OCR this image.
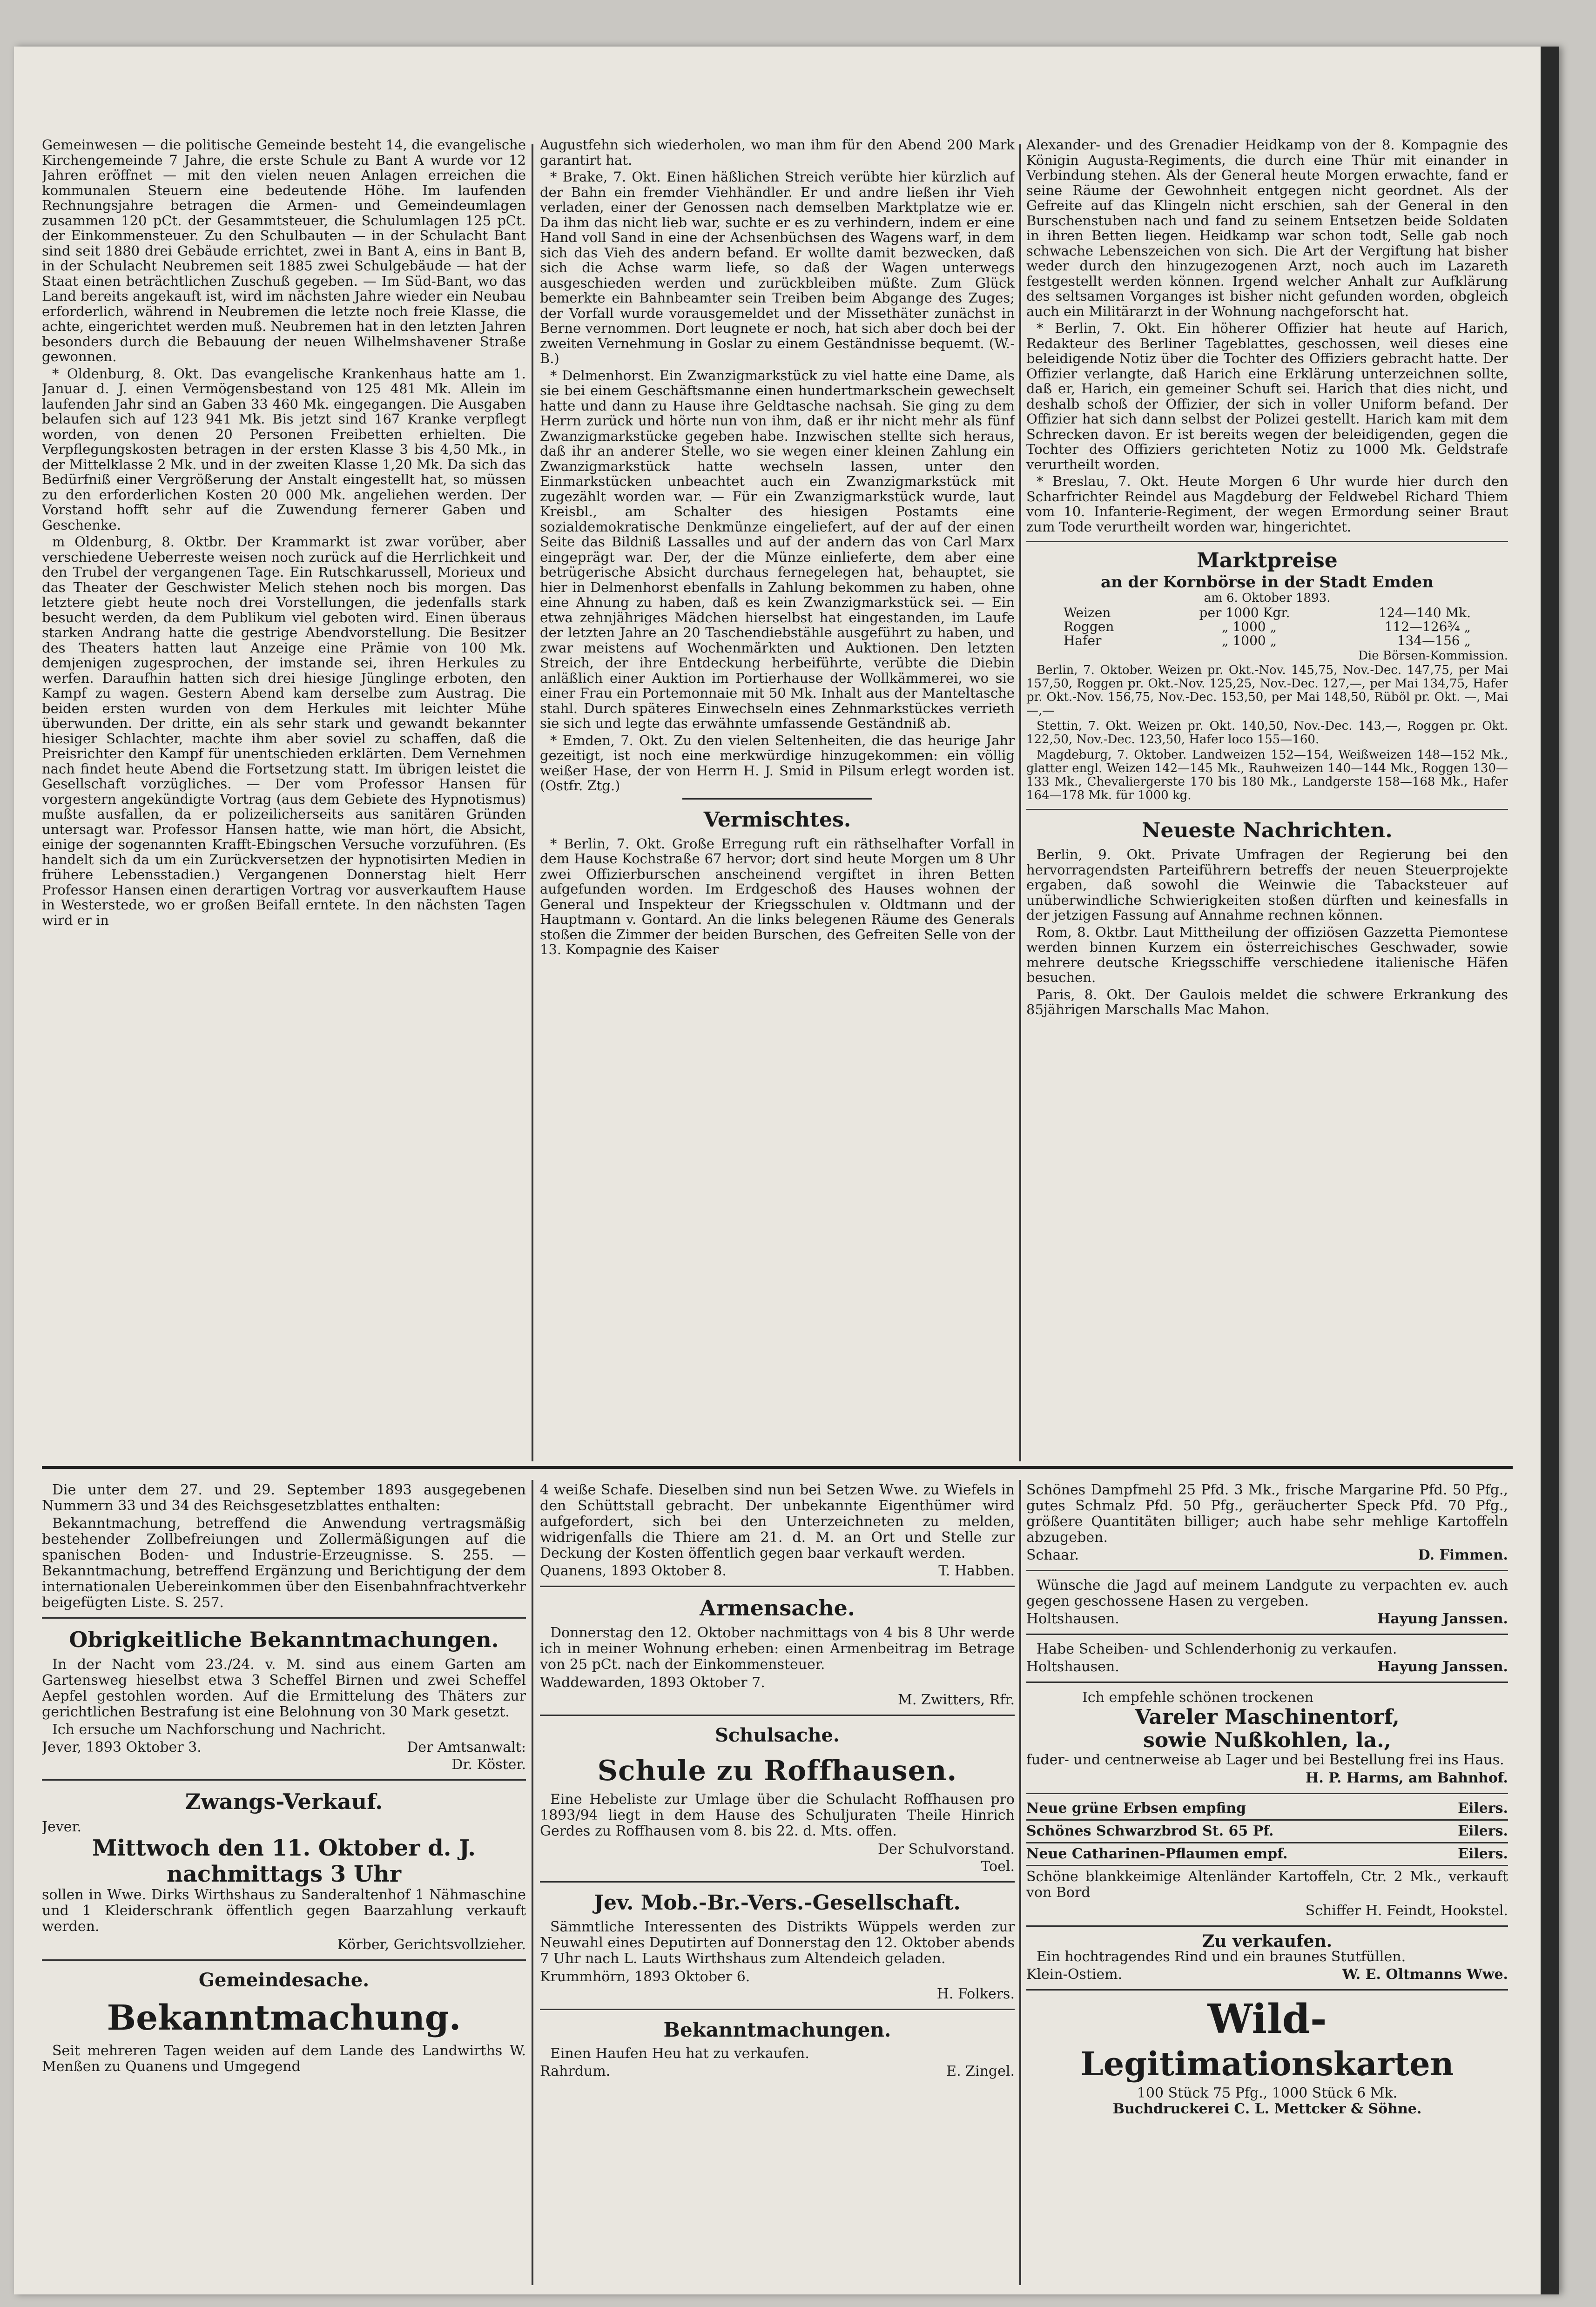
Gemeinwesen — die politische Gemeinde besteht 14, die evangelische Kirchengemeinde 7 Jahre, die erste Schule zu Bant A wurde vor 12 Jahren eröffnet — mit den vielen neuen Anlagen erreichen die kommunalen Steuern eine bedeutende Höhe. Im laufenden Rechnungsjahre betragen die Armen- und Gemeindeumlagen zusammen 120 pCt. der Gesammtsteuer, die Schulumlagen 125 pCt. der Einkommensteuer. Zu den Schulbauten — in der Schulacht Bant sind seit 1880 drei Gebäude errichtet, zwei in Bant A, eins in Bant B, in der Schulacht Neubremen seit 1885 zwei Schulgebäude — hat der Staat einen beträchtlichen Zuschuß gegeben. — Im Süd-Bant, wo das Land bereits angekauft ist, wird im nächsten Jahre wieder ein Neubau erforderlich, während in Neubremen die letzte noch freie Klasse, die achte, eingerichtet werden muß. Neubremen hat in den letzten Jahren besonders durch die Bebauung der neuen Wilhelmshavener Straße gewonnen.

* Oldenburg, 8. Okt. Das evangelische Krankenhaus hatte am 1. Januar d. J. einen Vermögensbestand von 125 481 Mk. Allein im laufenden Jahr sind an Gaben 33 460 Mk. eingegangen. Die Ausgaben belaufen sich auf 123 941 Mk. Bis jetzt sind 167 Kranke verpflegt worden, von denen 20 Personen Freibetten erhielten. Die Verpflegungskosten betragen in der ersten Klasse 3 bis 4,50 Mk., in der Mittelklasse 2 Mk. und in der zweiten Klasse 1,20 Mk. Da sich das Bedürfniß einer Vergrößerung der Anstalt eingestellt hat, so müssen zu den erforderlichen Kosten 20 000 Mk. angeliehen werden. Der Vorstand hofft sehr auf die Zuwendung fernerer Gaben und Geschenke.

m Oldenburg, 8. Oktbr. Der Krammarkt ist zwar vorüber, aber verschiedene Ueberreste weisen noch zurück auf die Herrlichkeit und den Trubel der vergangenen Tage. Ein Rutschkarussell, Morieux und das Theater der Geschwister Melich stehen noch bis morgen. Das letztere giebt heute noch drei Vorstellungen, die jedenfalls stark besucht werden, da dem Publikum viel geboten wird. Einen überaus starken Andrang hatte die gestrige Abendvorstellung. Die Besitzer des Theaters hatten laut Anzeige eine Prämie von 100 Mk. demjenigen zugesprochen, der imstande sei, ihren Herkules zu werfen. Daraufhin hatten sich drei hiesige Jünglinge erboten, den Kampf zu wagen. Gestern Abend kam derselbe zum Austrag. Die beiden ersten wurden von dem Herkules mit leichter Mühe überwunden. Der dritte, ein als sehr stark und gewandt bekannter hiesiger Schlachter, machte ihm aber soviel zu schaffen, daß die Preisrichter den Kampf für unentschieden erklärten. Dem Vernehmen nach findet heute Abend die Fortsetzung statt. Im übrigen leistet die Gesellschaft vorzügliches. — Der vom Professor Hansen für vorgestern angekündigte Vortrag (aus dem Gebiete des Hypnotismus) mußte ausfallen, da er polizeilicherseits aus sanitären Gründen untersagt war. Professor Hansen hatte, wie man hört, die Absicht, einige der sogenannten Krafft-Ebingschen Versuche vorzuführen. (Es handelt sich da um ein Zurückversetzen der hypnotisirten Medien in frühere Lebensstadien.) Vergangenen Donnerstag hielt Herr Professor Hansen einen derartigen Vortrag vor ausverkauftem Hause in Westerstede, wo er großen Beifall erntete. In den nächsten Tagen wird er in

Augustfehn sich wiederholen, wo man ihm für den Abend 200 Mark garantirt hat.

* Brake, 7. Okt. Einen häßlichen Streich verübte hier kürzlich auf der Bahn ein fremder Viehhändler. Er und andre ließen ihr Vieh verladen, einer der Genossen nach demselben Marktplatze wie er. Da ihm das nicht lieb war, suchte er es zu verhindern, indem er eine Hand voll Sand in eine der Achsenbüchsen des Wagens warf, in dem sich das Vieh des andern befand. Er wollte damit bezwecken, daß sich die Achse warm liefe, so daß der Wagen unterwegs ausgeschieden werden und zurückbleiben müßte. Zum Glück bemerkte ein Bahnbeamter sein Treiben beim Abgange des Zuges; der Vorfall wurde vorausgemeldet und der Missethäter zunächst in Berne vernommen. Dort leugnete er noch, hat sich aber doch bei der zweiten Vernehmung in Goslar zu einem Geständnisse bequemt. (W.-B.)

* Delmenhorst. Ein Zwanzigmarkstück zu viel hatte eine Dame, als sie bei einem Geschäftsmanne einen hundertmarkschein gewechselt hatte und dann zu Hause ihre Geldtasche nachsah. Sie ging zu dem Herrn zurück und hörte nun von ihm, daß er ihr nicht mehr als fünf Zwanzigmarkstücke gegeben habe. Inzwischen stellte sich heraus, daß ihr an anderer Stelle, wo sie wegen einer kleinen Zahlung ein Zwanzigmarkstück hatte wechseln lassen, unter den Einmarkstücken unbeachtet auch ein Zwanzigmarkstück mit zugezählt worden war. — Für ein Zwanzigmarkstück wurde, laut Kreisbl., am Schalter des hiesigen Postamts eine sozialdemokratische Denkmünze eingeliefert, auf der auf der einen Seite das Bildniß Lassalles und auf der andern das von Carl Marx eingeprägt war. Der, der die Münze einlieferte, dem aber eine betrügerische Absicht durchaus fernegelegen hat, behauptet, sie hier in Delmenhorst ebenfalls in Zahlung bekommen zu haben, ohne eine Ahnung zu haben, daß es kein Zwanzigmarkstück sei. — Ein etwa zehnjähriges Mädchen hierselbst hat eingestanden, im Laufe der letzten Jahre an 20 Taschendiebstähle ausgeführt zu haben, und zwar meistens auf Wochenmärkten und Auktionen. Den letzten Streich, der ihre Entdeckung herbeiführte, verübte die Diebin anläßlich einer Auktion im Portierhause der Wollkämmerei, wo sie einer Frau ein Portemonnaie mit 50 Mk. Inhalt aus der Manteltasche stahl. Durch späteres Einwechseln eines Zehnmarkstückes verrieth sie sich und legte das erwähnte umfassende Geständniß ab.

* Emden, 7. Okt. Zu den vielen Seltenheiten, die das heurige Jahr gezeitigt, ist noch eine merkwürdige hinzugekommen: ein völlig weißer Hase, der von Herrn H. J. Smid in Pilsum erlegt worden ist. (Ostfr. Ztg.)

Vermischtes.

* Berlin, 7. Okt. Große Erregung ruft ein räthselhafter Vorfall in dem Hause Kochstraße 67 hervor; dort sind heute Morgen um 8 Uhr zwei Offizierburschen anscheinend vergiftet in ihren Betten aufgefunden worden. Im Erdgeschoß des Hauses wohnen der General und Inspekteur der Kriegsschulen v. Oldtmann und der Hauptmann v. Gontard. An die links belegenen Räume des Generals stoßen die Zimmer der beiden Burschen, des Gefreiten Selle von der 13. Kompagnie des Kaiser

Alexander- und des Grenadier Heidkamp von der 8. Kompagnie des Königin Augusta-Regiments, die durch eine Thür mit einander in Verbindung stehen. Als der General heute Morgen erwachte, fand er seine Räume der Gewohnheit entgegen nicht geordnet. Als der Gefreite auf das Klingeln nicht erschien, sah der General in den Burschenstuben nach und fand zu seinem Entsetzen beide Soldaten in ihren Betten liegen. Heidkamp war schon todt, Selle gab noch schwache Lebenszeichen von sich. Die Art der Vergiftung hat bisher weder durch den hinzugezogenen Arzt, noch auch im Lazareth festgestellt werden können. Irgend welcher Anhalt zur Aufklärung des seltsamen Vorganges ist bisher nicht gefunden worden, obgleich auch ein Militärarzt in der Wohnung nachgeforscht hat.

* Berlin, 7. Okt. Ein höherer Offizier hat heute auf Harich, Redakteur des Berliner Tageblattes, geschossen, weil dieses eine beleidigende Notiz über die Tochter des Offiziers gebracht hatte. Der Offizier verlangte, daß Harich eine Erklärung unterzeichnen sollte, daß er, Harich, ein gemeiner Schuft sei. Harich that dies nicht, und deshalb schoß der Offizier, der sich in voller Uniform befand. Der Offizier hat sich dann selbst der Polizei gestellt. Harich kam mit dem Schrecken davon. Er ist bereits wegen der beleidigenden, gegen die Tochter des Offiziers gerichteten Notiz zu 1000 Mk. Geldstrafe verurtheilt worden.

* Breslau, 7. Okt. Heute Morgen 6 Uhr wurde hier durch den Scharfrichter Reindel aus Magdeburg der Feldwebel Richard Thiem vom 10. Infanterie-Regiment, der wegen Ermordung seiner Braut zum Tode verurtheilt worden war, hingerichtet.

Marktpreise
an der Kornbörse in der Stadt Emden
am 6. Oktober 1893.
Weizen	per 1000 Kgr.	124—140 Mk.
Roggen	„ 1000 „	112—126¾ „
Hafer	„ 1000 „	134—156 „
Die Börsen-Kommission.

Berlin, 7. Oktober. Weizen pr. Okt.-Nov. 145,75, Nov.-Dec. 147,75, per Mai 157,50, Roggen pr. Okt.-Nov. 125,25, Nov.-Dec. 127,—, per Mai 134,75, Hafer pr. Okt.-Nov. 156,75, Nov.-Dec. 153,50, per Mai 148,50, Rüböl pr. Okt. —, Mai —,—

Stettin, 7. Okt. Weizen pr. Okt. 140,50, Nov.-Dec. 143,—, Roggen pr. Okt. 122,50, Nov.-Dec. 123,50, Hafer loco 155—160.

Magdeburg, 7. Oktober. Landweizen 152—154, Weißweizen 148—152 Mk., glatter engl. Weizen 142—145 Mk., Rauhweizen 140—144 Mk., Roggen 130—133 Mk., Chevaliergerste 170 bis 180 Mk., Landgerste 158—168 Mk., Hafer 164—178 Mk. für 1000 kg.

Neueste Nachrichten.

Berlin, 9. Okt. Private Umfragen der Regierung bei den hervorragendsten Parteiführern betreffs der neuen Steuerprojekte ergaben, daß sowohl die Weinwie die Tabacksteuer auf unüberwindliche Schwierigkeiten stoßen dürften und keinesfalls in der jetzigen Fassung auf Annahme rechnen können.

Rom, 8. Oktbr. Laut Mittheilung der offiziösen Gazzetta Piemontese werden binnen Kurzem ein österreichisches Geschwader, sowie mehrere deutsche Kriegsschiffe verschiedene italienische Häfen besuchen.

Paris, 8. Okt. Der Gaulois meldet die schwere Erkrankung des 85jährigen Marschalls Mac Mahon.

Die unter dem 27. und 29. September 1893 ausgegebenen Nummern 33 und 34 des Reichsgesetzblattes enthalten:

Bekanntmachung, betreffend die Anwendung vertragsmäßig bestehender Zollbefreiungen und Zollermäßigungen auf die spanischen Boden- und Industrie-Erzeugnisse. S. 255. — Bekanntmachung, betreffend Ergänzung und Berichtigung der dem internationalen Uebereinkommen über den Eisenbahnfrachtverkehr beigefügten Liste. S. 257.

Obrigkeitliche Bekanntmachungen.

In der Nacht vom 23./24. v. M. sind aus einem Garten am Gartensweg hieselbst etwa 3 Scheffel Birnen und zwei Scheffel Aepfel gestohlen worden. Auf die Ermittelung des Thäters zur gerichtlichen Bestrafung ist eine Belohnung von 30 Mark gesetzt.

Ich ersuche um Nachforschung und Nachricht.

Jever, 1893 Oktober 3.	Der Amtsanwalt:
Dr. Köster.
Zwangs-Verkauf.
Jever.
Mittwoch den 11. Oktober d. J. nachmittags 3 Uhr

sollen in Wwe. Dirks Wirthshaus zu Sanderaltenhof 1 Nähmaschine und 1 Kleiderschrank öffentlich gegen Baarzahlung verkauft werden.

Körber, Gerichtsvollzieher.
Gemeindesache.
Bekanntmachung.

Seit mehreren Tagen weiden auf dem Lande des Landwirths W. Menßen zu Quanens und Umgegend

4 weiße Schafe. Dieselben sind nun bei Setzen Wwe. zu Wiefels in den Schüttstall gebracht. Der unbekannte Eigenthümer wird aufgefordert, sich bei den Unterzeichneten zu melden, widrigenfalls die Thiere am 21. d. M. an Ort und Stelle zur Deckung der Kosten öffentlich gegen baar verkauft werden.

Quanens, 1893 Oktober 8.	T. Habben.
Armensache.

Donnerstag den 12. Oktober nachmittags von 4 bis 8 Uhr werde ich in meiner Wohnung erheben: einen Armenbeitrag im Betrage von 25 pCt. nach der Einkommensteuer.

Waddewarden, 1893 Oktober 7.
M. Zwitters, Rfr.
Schulsache.
Schule zu Roffhausen.

Eine Hebeliste zur Umlage über die Schulacht Roffhausen pro 1893/94 liegt in dem Hause des Schuljuraten Theile Hinrich Gerdes zu Roffhausen vom 8. bis 22. d. Mts. offen.

Der Schulvorstand.
Toel.
Jev. Mob.-Br.-Vers.-Gesellschaft.

Sämmtliche Interessenten des Distrikts Wüppels werden zur Neuwahl eines Deputirten auf Donnerstag den 12. Oktober abends 7 Uhr nach L. Lauts Wirthshaus zum Altendeich geladen.

Krummhörn, 1893 Oktober 6.
H. Folkers.
Bekanntmachungen.

Einen Haufen Heu hat zu verkaufen.

Rahrdum.	E. Zingel.

Schönes Dampfmehl 25 Pfd. 3 Mk., frische Margarine Pfd. 50 Pfg., gutes Schmalz Pfd. 50 Pfg., geräucherter Speck Pfd. 70 Pfg., größere Quantitäten billiger; auch habe sehr mehlige Kartoffeln abzugeben.

Schaar.	D. Fimmen.

Wünsche die Jagd auf meinem Landgute zu verpachten ev. auch gegen geschossene Hasen zu vergeben.

Holtshausen.	Hayung Janssen.

Habe Scheiben- und Schlenderhonig zu verkaufen.

Holtshausen.	Hayung Janssen.
Ich empfehle schönen trockenen
Vareler Maschinentorf,
sowie Nußkohlen, la.,

fuder- und centnerweise ab Lager und bei Bestellung frei ins Haus.

H. P. Harms, am Bahnhof.
Neue grüne Erbsen empfing	Eilers.
Schönes Schwarzbrod St. 65 Pf.	Eilers.
Neue Catharinen-Pflaumen empf.	Eilers.

Schöne blankkeimige Altenländer Kartoffeln, Ctr. 2 Mk., verkauft von Bord

Schiffer H. Feindt, Hookstel.
Zu verkaufen.

Ein hochtragendes Rind und ein braunes Stutfüllen.

Klein-Ostiem.	W. E. Oltmanns Wwe.
Wild-
Legitimationskarten
100 Stück 75 Pfg., 1000 Stück 6 Mk.
Buchdruckerei C. L. Mettcker & Söhne.
